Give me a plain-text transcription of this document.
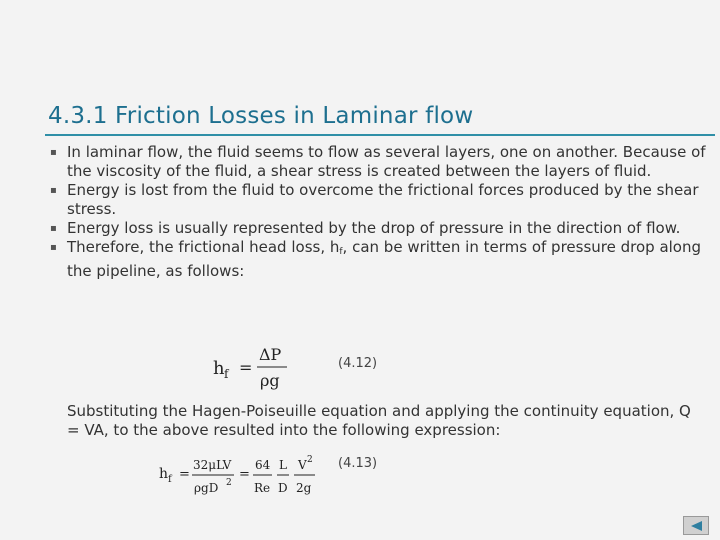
4.3.1 Friction Losses in Laminar flow
▪ In laminar flow, the fluid seems to flow as several layers, one on another. Because of the viscosity of the fluid, a shear stress is created between the layers of fluid.
▪ Energy is lost from the fluid to overcome the frictional forces produced by the shear stress.
▪ Energy loss is usually represented by the drop of pressure in the direction of flow.
▪ Therefore, the frictional head loss, $h_f$, can be written in terms of pressure drop along the pipeline, as follows:
h f =
ΔP
ρg
(4.12)
Substituting the Hagen-Poiseuille equation and applying the continuity equation, Q = VA, to the above resulted into the following expression:
h f =
32μLV
ρgD 2
=
64
Re
L
D
V 2
2g
(4.13)
